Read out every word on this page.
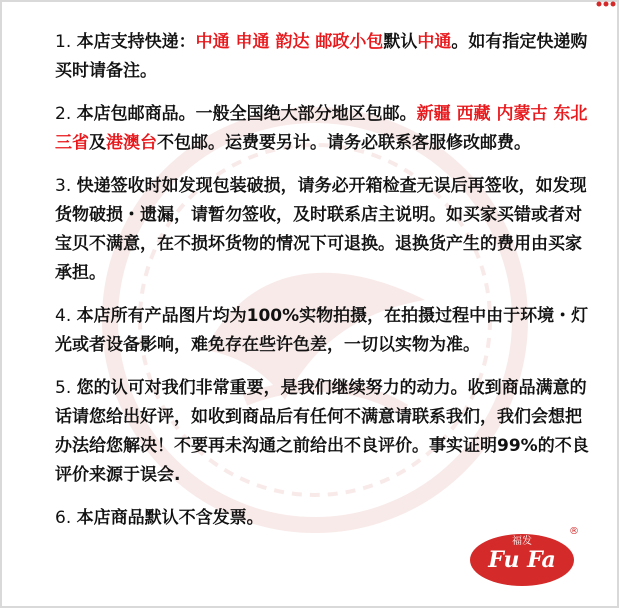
1. 本店支持快递：中通 申通 韵达 邮政小包默认中通。如有指定快递购买时请备注。

2. 本店包邮商品。一般全国绝大部分地区包邮。新疆 西藏 内蒙古 东北三省及港澳台不包邮。运费要另计。请务必联系客服修改邮费。

3. 快递签收时如发现包装破损，请务必开箱检查无误后再签收，如发现货物破损・遗漏，请暂勿签收，及时联系店主说明。如买家买错或者对宝贝不满意，在不损坏货物的情况下可退换。退换货产生的费用由买家承担。

4. 本店所有产品图片均为100%实物拍摄，在拍摄过程中由于环境・灯光或者设备影响，难免存在些许色差，一切以实物为准。

5. 您的认可对我们非常重要，是我们继续努力的动力。收到商品满意的话请您给出好评，如收到商品后有任何不满意请联系我们，我们会想把办法给您解决！不要再未沟通之前给出不良评价。事实证明99%的不良评价来源于误会.

6. 本店商品默认不含发票。

Fu Fa
福发
®
